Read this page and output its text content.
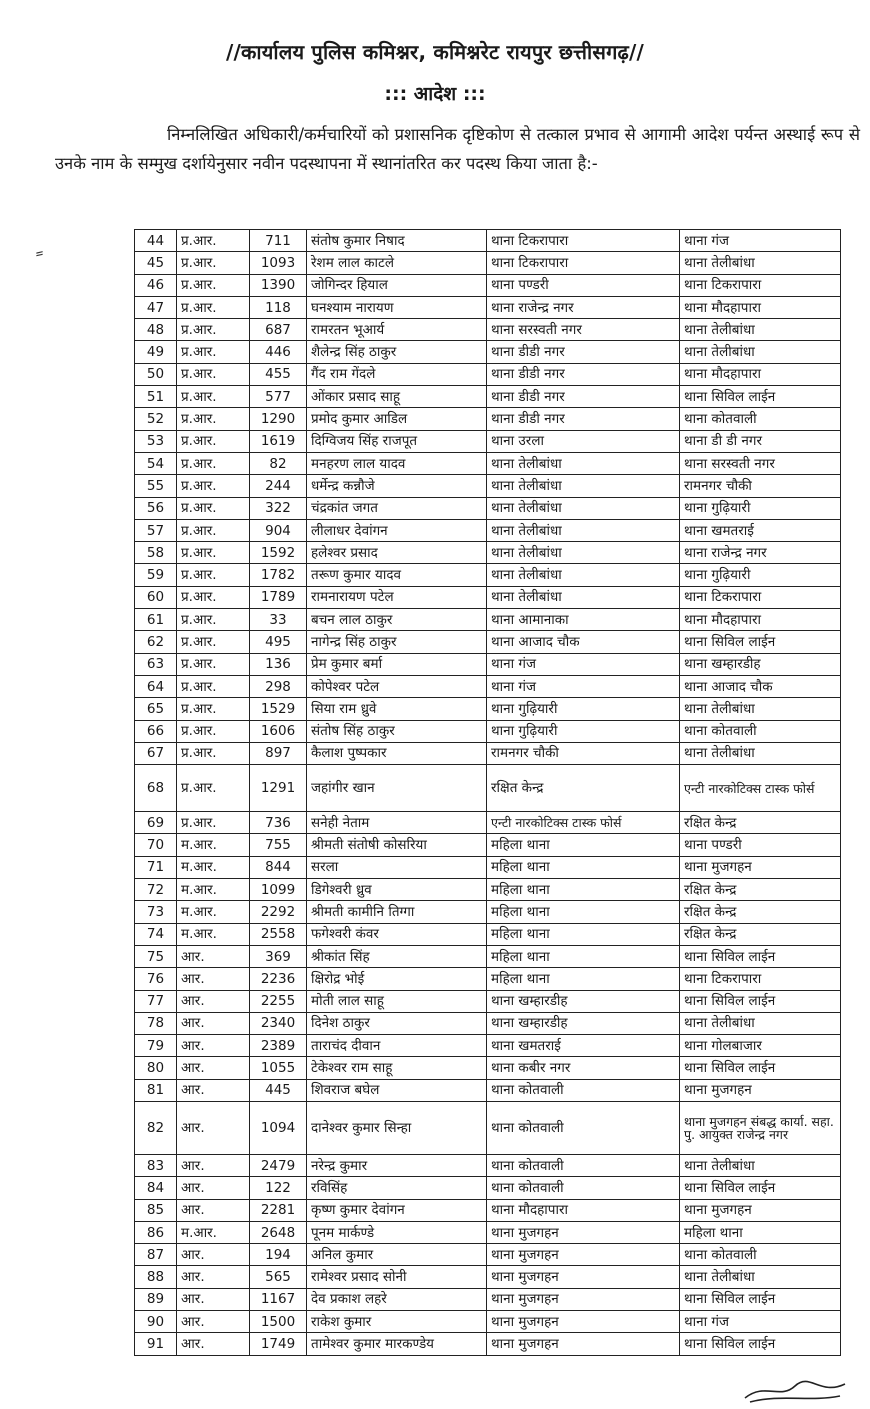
//कार्यालय पुलिस कमिश्नर, कमिश्नरेट रायपुर छत्तीसगढ़//
::: आदेश :::
निम्नलिखित अधिकारी/कर्मचारियों को प्रशासनिक दृष्टिकोण से तत्काल प्रभाव से आगामी आदेश पर्यन्त अस्थाई रूप से उनके नाम के सम्मुख दर्शायेनुसार नवीन पदस्थापना में स्थानांतरित कर पदस्थ किया जाता है:-
44	प्र.आर.	711	संतोष कुमार निषाद	थाना टिकरापारा	थाना गंज
45	प्र.आर.	1093	रेशम लाल काटले	थाना टिकरापारा	थाना तेलीबांधा
46	प्र.आर.	1390	जोगिन्दर हियाल	थाना पण्डरी	थाना टिकरापारा
47	प्र.आर.	118	घनश्याम नारायण	थाना राजेन्द्र नगर	थाना मौदहापारा
48	प्र.आर.	687	रामरतन भूआर्य	थाना सरस्वती नगर	थाना तेलीबांधा
49	प्र.आर.	446	शैलेन्द्र सिंह ठाकुर	थाना डीडी नगर	थाना तेलीबांधा
50	प्र.आर.	455	गैंद राम गेंदले	थाना डीडी नगर	थाना मौदहापारा
51	प्र.आर.	577	ओंकार प्रसाद साहू	थाना डीडी नगर	थाना सिविल लाईन
52	प्र.आर.	1290	प्रमोद कुमार आडिल	थाना डीडी नगर	थाना कोतवाली
53	प्र.आर.	1619	दिग्विजय सिंह राजपूत	थाना उरला	थाना डी डी नगर
54	प्र.आर.	82	मनहरण लाल यादव	थाना तेलीबांधा	थाना सरस्वती नगर
55	प्र.आर.	244	धर्मेन्द्र कन्नौजे	थाना तेलीबांधा	रामनगर चौकी
56	प्र.आर.	322	चंद्रकांत जगत	थाना तेलीबांधा	थाना गुढ़ियारी
57	प्र.आर.	904	लीलाधर देवांगन	थाना तेलीबांधा	थाना खमतराई
58	प्र.आर.	1592	हलेश्वर प्रसाद	थाना तेलीबांधा	थाना राजेन्द्र नगर
59	प्र.आर.	1782	तरूण कुमार यादव	थाना तेलीबांधा	थाना गुढ़ियारी
60	प्र.आर.	1789	रामनारायण पटेल	थाना तेलीबांधा	थाना टिकरापारा
61	प्र.आर.	33	बचन लाल ठाकुर	थाना आमानाका	थाना मौदहापारा
62	प्र.आर.	495	नागेन्द्र सिंह ठाकुर	थाना आजाद चौक	थाना सिविल लाईन
63	प्र.आर.	136	प्रेम कुमार बर्मा	थाना गंज	थाना खम्हारडीह
64	प्र.आर.	298	कोपेश्वर पटेल	थाना गंज	थाना आजाद चौक
65	प्र.आर.	1529	सिया राम ध्रुवे	थाना गुढ़ियारी	थाना तेलीबांधा
66	प्र.आर.	1606	संतोष सिंह ठाकुर	थाना गुढ़ियारी	थाना कोतवाली
67	प्र.आर.	897	कैलाश पुष्पकार	रामनगर चौकी	थाना तेलीबांधा
68	प्र.आर.	1291	जहांगीर खान	रक्षित केन्द्र	एन्टी नारकोटिक्स टास्क फोर्स
69	प्र.आर.	736	सनेही नेताम	एन्टी नारकोटिक्स टास्क फोर्स	रक्षित केन्द्र
70	म.आर.	755	श्रीमती संतोषी कोसरिया	महिला थाना	थाना पण्डरी
71	म.आर.	844	सरला	महिला थाना	थाना मुजगहन
72	म.आर.	1099	डिगेश्वरी ध्रुव	महिला थाना	रक्षित केन्द्र
73	म.आर.	2292	श्रीमती कामीनि तिग्गा	महिला थाना	रक्षित केन्द्र
74	म.आर.	2558	फगेश्वरी कंवर	महिला थाना	रक्षित केन्द्र
75	आर.	369	श्रीकांत सिंह	महिला थाना	थाना सिविल लाईन
76	आर.	2236	क्षिरोद्र भोई	महिला थाना	थाना टिकरापारा
77	आर.	2255	मोती लाल साहू	थाना खम्हारडीह	थाना सिविल लाईन
78	आर.	2340	दिनेश ठाकुर	थाना खम्हारडीह	थाना तेलीबांधा
79	आर.	2389	ताराचंद दीवान	थाना खमतराई	थाना गोलबाजार
80	आर.	1055	टेकेश्वर राम साहू	थाना कबीर नगर	थाना सिविल लाईन
81	आर.	445	शिवराज बघेल	थाना कोतवाली	थाना मुजगहन
82	आर.	1094	दानेश्वर कुमार सिन्हा	थाना कोतवाली	थाना मुजगहन संबद्ध कार्या. सहा. पु. आयुक्त राजेन्द्र नगर
83	आर.	2479	नरेन्द्र कुमार	थाना कोतवाली	थाना तेलीबांधा
84	आर.	122	रविसिंह	थाना कोतवाली	थाना सिविल लाईन
85	आर.	2281	कृष्ण कुमार देवांगन	थाना मौदहापारा	थाना मुजगहन
86	म.आर.	2648	पूनम मार्कण्डे	थाना मुजगहन	महिला थाना
87	आर.	194	अनिल कुमार	थाना मुजगहन	थाना कोतवाली
88	आर.	565	रामेश्वर प्रसाद सोनी	थाना मुजगहन	थाना तेलीबांधा
89	आर.	1167	देव प्रकाश लहरे	थाना मुजगहन	थाना सिविल लाईन
90	आर.	1500	राकेश कुमार	थाना मुजगहन	थाना गंज
91	आर.	1749	तामेश्वर कुमार मारकण्डेय	थाना मुजगहन	थाना सिविल लाईन
